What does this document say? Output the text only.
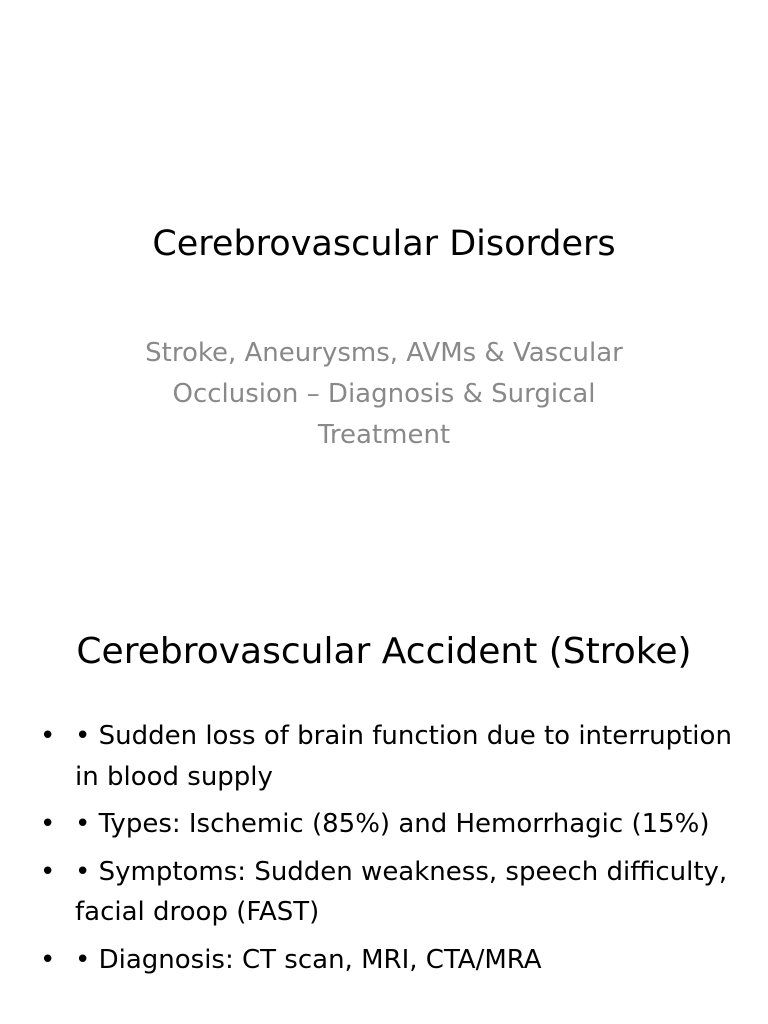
Cerebrovascular Disorders
Stroke, Aneurysms, AVMs & Vascular Occlusion – Diagnosis & Surgical Treatment
Cerebrovascular Accident (Stroke)
• • Sudden loss of brain function due to interruption in blood supply
• • Types: Ischemic (85%) and Hemorrhagic (15%)
• • Symptoms: Sudden weakness, speech difficulty, facial droop (FAST)
• • Diagnosis: CT scan, MRI, CTA/MRA
